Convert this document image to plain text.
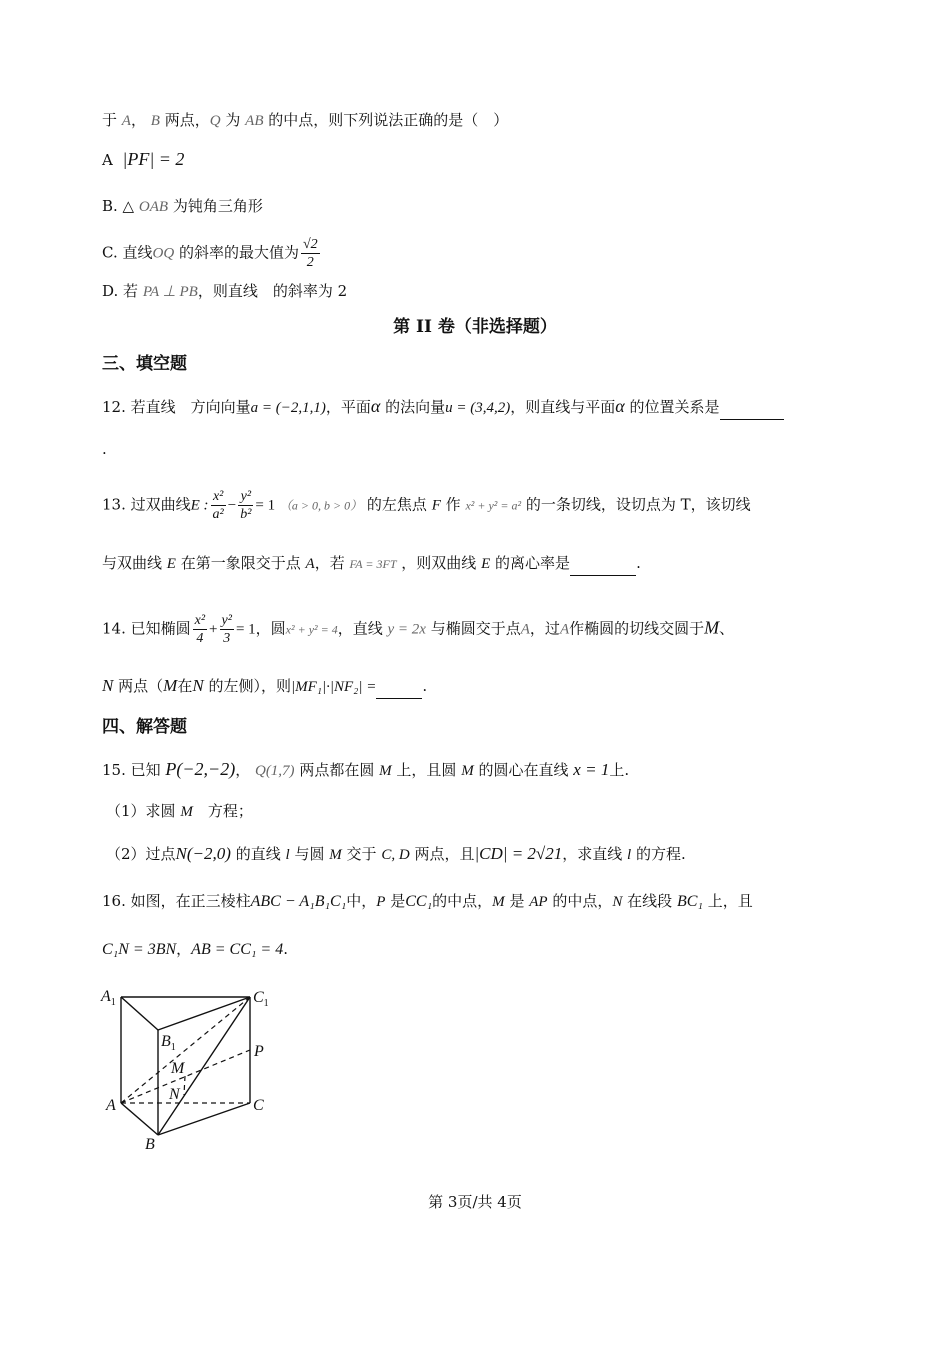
于 A， B 两点，Q 为 AB 的中点，则下列说法正确的是（　）
A |PF| = 2
B. △ OAB 为钝角三角形
C. 直线OQ 的斜率的最大值为 $\frac{√2}{2}$
D. 若 PA ⊥ PB，则直线　的斜率为 2
第 II 卷（非选择题）
三、填空题
12. 若直线　方向向量a = (−2,1,1)，平面α 的法向量u = (3,4,2)，则直线与平面α 的位置关系是
.
13. 过双曲线E : $\frac{\text{x²}}{\text{a²}} - \frac{\text{y²}}{\text{b²}} = 1$ （a > 0, b > 0） 的左焦点 F 作 x² + y² = a² 的一条切线，设切点为 T，该切线
与双曲线 E 在第一象限交于点 A，若 FA = 3FT ，则双曲线 E 的离心率是	.
14. 已知椭圆 $\frac{\text{x²}}{4} + \frac{\text{y²}}{3} = 1$，圆x² + y² = 4，直线 y = 2x 与椭圆交于点A，过A作椭圆的切线交圆于M、
N 两点（M在N 的左侧），则|MF₁|·|NF₂| =	.
四、解答题
15. 已知 P(−2,−2)， Q(1,7) 两点都在圆 M 上，且圆 M 的圆心在直线 x = 1上.
（1）求圆 M　方程；
（2）过点N(−2,0) 的直线 l 与圆 M 交于 C, D 两点，且|CD| = 2√21，求直线 l 的方程.
16. 如图，在正三棱柱ABC − A₁B₁C₁中，P 是CC₁的中点，M 是 AP 的中点，N 在线段 BC₁ 上，且
C₁N = 3BN，AB = CC₁ = 4.
$A_1$	$C_1$
$B_1$	P
M
N
A	C
B
第 3页/共 4页
